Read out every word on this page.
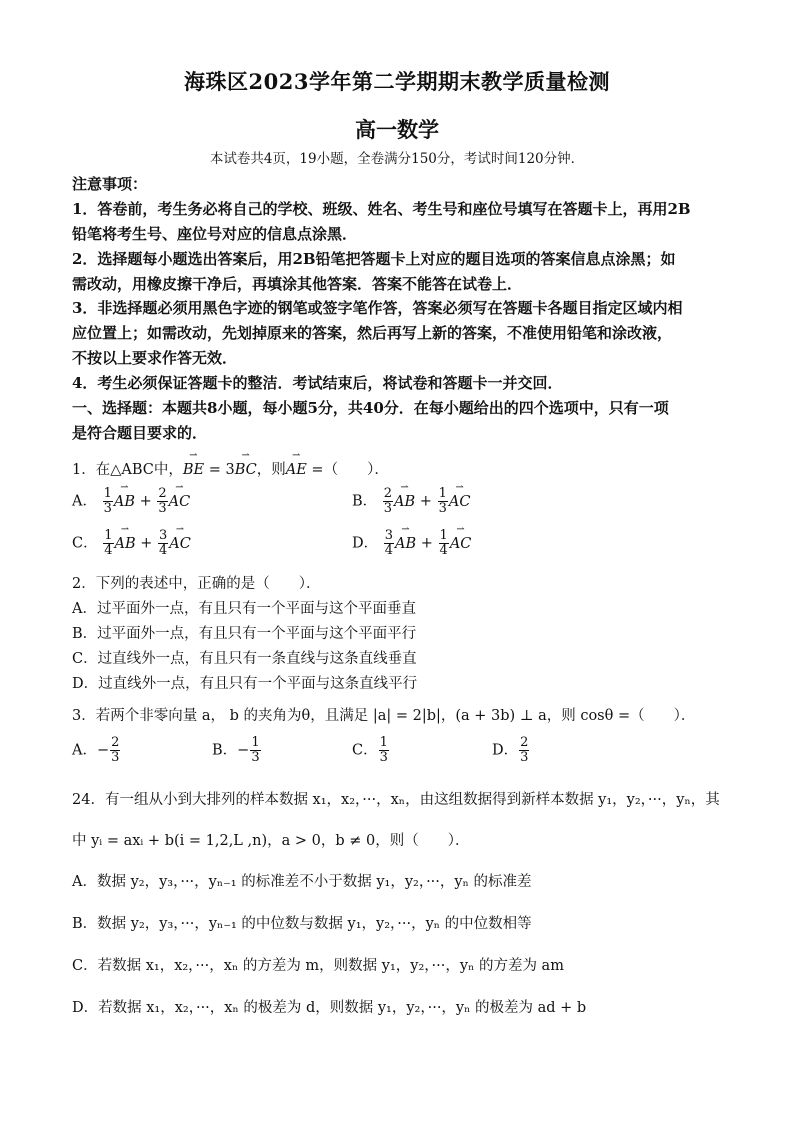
海珠区2023学年第二学期期末教学质量检测
高一数学
本试卷共4页，19小题，全卷满分150分，考试时间120分钟．
注意事项：
1．答卷前，考生务必将自己的学校、班级、姓名、考生号和座位号填写在答题卡上，再用2B
铅笔将考生号、座位号对应的信息点涂黑．
2．选择题每小题选出答案后，用2B铅笔把答题卡上对应的题目选项的答案信息点涂黑；如
需改动，用橡皮擦干净后，再填涂其他答案．答案不能答在试卷上．
3．非选择题必须用黑色字迹的钢笔或签字笔作答，答案必须写在答题卡各题目指定区域内相
应位置上；如需改动，先划掉原来的答案，然后再写上新的答案，不准使用铅笔和涂改液，
不按以上要求作答无效．
4．考生必须保证答题卡的整洁．考试结束后，将试卷和答题卡一并交回．
一、选择题：本题共8小题，每小题5分，共40分．在每小题给出的四个选项中，只有一项
是符合题目要求的．
1．在△ABC中，⇀ BE = 3⇀ BC，则⇀ AE =（　　）．
A． $\frac{1}{3}$ ⇀ AB + $\frac{2}{3}$ ⇀ AC	B． $\frac{2}{3}$ ⇀ AB + $\frac{1}{3}$ ⇀ AC
C． $\frac{1}{4}$ ⇀ AB + $\frac{3}{4}$ ⇀ AC	D． $\frac{3}{4}$ ⇀ AB + $\frac{1}{4}$ ⇀ AC
2．下列的表述中，正确的是（　　）．
A．过平面外一点，有且只有一个平面与这个平面垂直
B．过平面外一点，有且只有一个平面与这个平面平行
C．过直线外一点，有且只有一条直线与这条直线垂直
D．过直线外一点，有且只有一个平面与这条直线平行
3．若两个非零向量 a， b 的夹角为θ，且满足 |a| = 2|b|，(a + 3b) ⊥ a，则 cosθ =（　　）．
A．− $\frac{2}{3}$	B．− $\frac{1}{3}$	C． $\frac{1}{3}$	D． $\frac{2}{3}$
24．有一组从小到大排列的样本数据 x₁，x₂，···，xₙ，由这组数据得到新样本数据 y₁，y₂，···，yₙ，其
中 yᵢ = axᵢ + b(i = 1,2,L ,n)，a > 0，b ≠ 0，则（　　）．
A．数据 y₂，y₃，···，yₙ₋₁ 的标准差不小于数据 y₁，y₂，···，yₙ 的标准差
B．数据 y₂，y₃，···，yₙ₋₁ 的中位数与数据 y₁，y₂，···，yₙ 的中位数相等
C．若数据 x₁，x₂，···，xₙ 的方差为 m，则数据 y₁，y₂，···，yₙ 的方差为 am
D．若数据 x₁，x₂，···，xₙ 的极差为 d，则数据 y₁，y₂，···，yₙ 的极差为 ad + b
